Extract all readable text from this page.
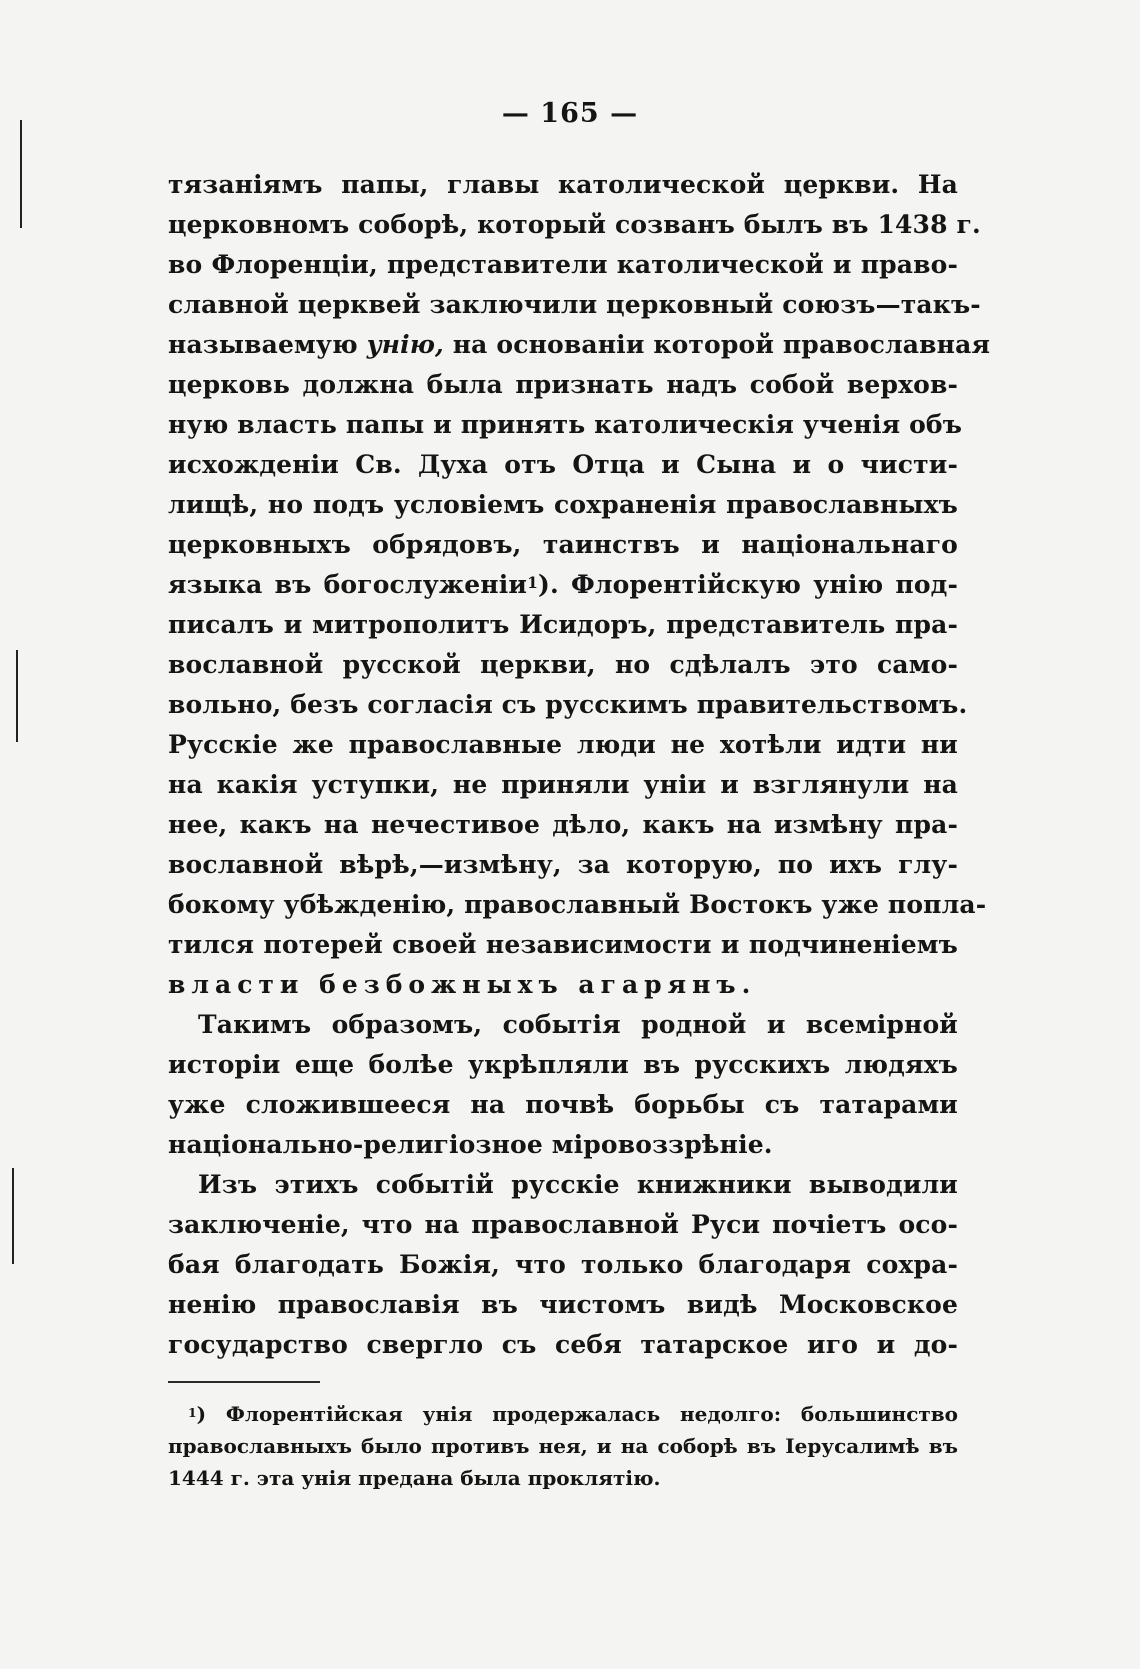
— 165 —
тязанiямъ папы, главы католической церкви. На
церковномъ соборѣ, который созванъ былъ въ 1438 г.
во Флоренцiи, представители католической и право-
славной церквей заключили церковный союзъ—такъ-
называемую унiю, на основанiи которой православная
церковь должна была признать надъ собой верхов-
ную власть папы и принять католическiя ученiя объ
исхожденiи Св. Духа отъ Отца и Сына и о чисти-
лищѣ, но подъ условiемъ сохраненiя православныхъ
церковныхъ обрядовъ, таинствъ и нацiональнаго
языка въ богослуженiи$^1$). Флорентiйскую унiю под-
писалъ и митрополитъ Исидоръ, представитель пра-
вославной русской церкви, но сдѣлалъ это само-
вольно, безъ согласiя съ русскимъ правительствомъ.
Русскiе же православные люди не хотѣли идти ни
на какiя уступки, не приняли унiи и взглянули на
нее, какъ на нечестивое дѣло, какъ на измѣну пра-
вославной вѣрѣ,—измѣну, за которую, по ихъ глу-
бокому убѣжденiю, православный Востокъ уже попла-
тился потерей своей независимости и подчиненiемъ
власти безбожныхъ агарянъ.
Такимъ образомъ, событiя родной и всемiрной
исторiи еще болѣе укрѣпляли въ русскихъ людяхъ
уже сложившееся на почвѣ борьбы съ татарами
нацiонально-религiозное мiровоззрѣнiе.
Изъ этихъ событiй русскiе книжники выводили
заключенiе, что на православной Руси почiетъ осо-
бая благодать Божiя, что только благодаря сохра-
ненiю православiя въ чистомъ видѣ Московское
государство свергло съ себя татарское иго и до-
$^1$) Флорентiйская унiя продержалась недолго: большинство
православныхъ было противъ нея, и на соборѣ въ Iерусалимѣ въ
1444 г. эта унiя предана была проклятiю.
